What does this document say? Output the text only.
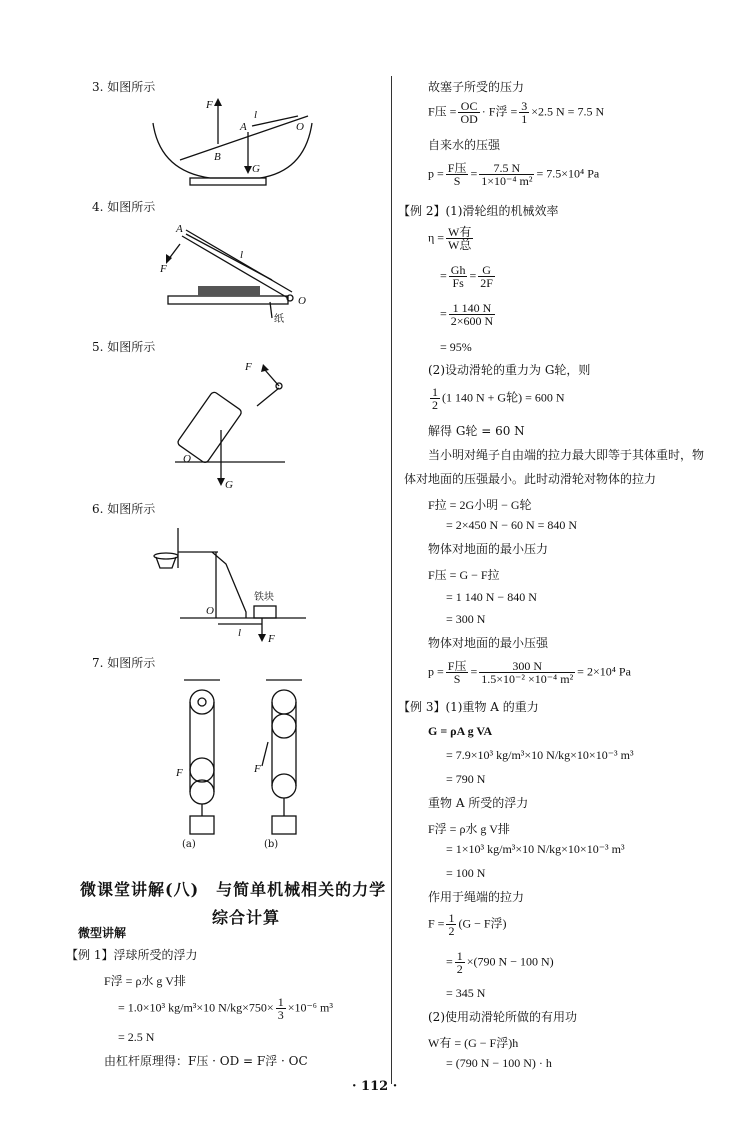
3. 如图所示
F
A
l
O
B
G
4. 如图所示
A
F
l
O
纸
5. 如图所示
F
O
G
6. 如图所示
O
铁块
l F
7. 如图所示
F	F
(a)	(b)
微课堂讲解(八)　与简单机械相关的力学
综合计算
微型讲解
【例 1】浮球所受的浮力
F浮 = ρ水 g V排
= 1.0×10³ kg/m³×10 $N/kg\times 750\times \frac{1}{3} \times 10^{-6}$ m³
= 2.5 N
由杠杆原理得：F压 · OD = F浮 · OC
故塞子所受的压力
F压 = $\frac{OC}{OD} \cdot F$浮 = $\frac{3}{1} \times 2.5$ N = 7.5 N
自来水的压强
$p = \frac{\text{F压}}{S} = \frac{7.5 N}{\text{1×10⁻⁴ m²}} = 7.5\times 10^4$ Pa
【例 2】(1)滑轮组的机械效率
$\eta = \frac{\text{W有}}{\text{W总}}$
= $\frac{Gh}{Fs} = \frac{G}{2F}$
= $\frac{1 140 N}{2\times 600 N}$
= 95%
(2)设动滑轮的重力为 G轮，则
$\frac{1}{2} (1$ 140 N + G轮) = 600 N
解得 G轮 = 60 N
当小明对绳子自由端的拉力最大即等于其体重时，物
体对地面的压强最小。此时动滑轮对物体的拉力
F拉 = 2G小明 − G轮
= 2×450 N − 60 N = 840 N
物体对地面的最小压力
F压 = G − F拉
= 1 140 N − 840 N
= 300 N
物体对地面的最小压强
$p = \frac{\text{F压}}{S} = \frac{300 N}{\text{1.5×10⁻² ×10⁻⁴ m²}} = 2\times 10^4$ Pa
【例 3】(1)重物 A 的重力
G = ρA g VA
= 7.9×10³ kg/m³×10 N/kg×10×10⁻³ m³
= 790 N
重物 A 所受的浮力
F浮 = ρ水 g V排
= 1×10³ kg/m³×10 N/kg×10×10⁻³ m³
= 100 N
作用于绳端的拉力
$F = \frac{1}{2} (G - F$浮)
= $\frac{1}{2} \times(790$ N − 100 N)
= 345 N
(2)使用动滑轮所做的有用功
W有 = (G − F浮)h
= (790 N − 100 N) · h
· 112 ·
